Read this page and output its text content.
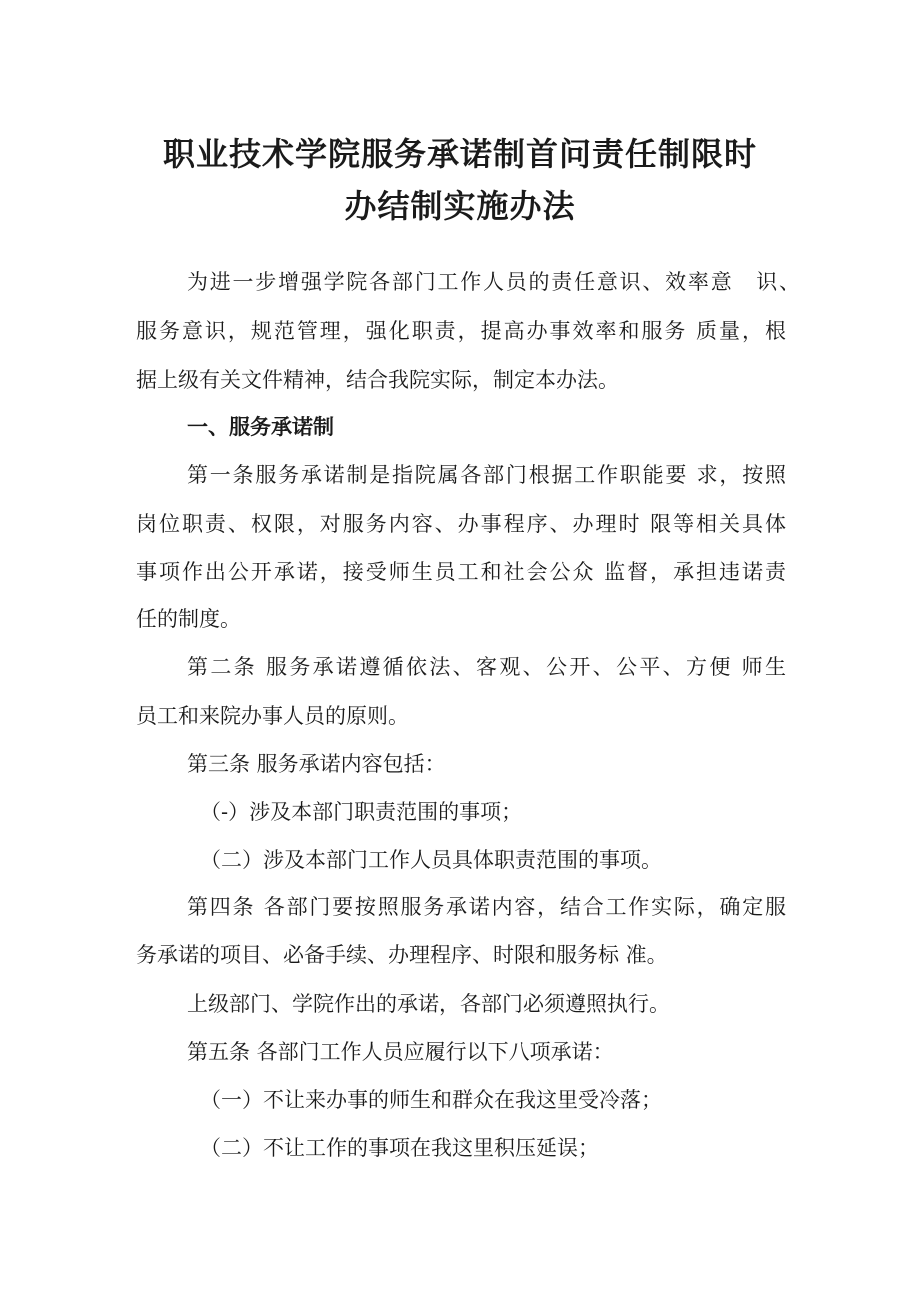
职业技术学院服务承诺制首问责任制限时
办结制实施办法

为进一步增强学院各部门工作人员的责任意识、效率意　识、

服务意识，规范管理，强化职责，提高办事效率和服务 质量，根

据上级有关文件精神，结合我院实际，制定本办法。

一、服务承诺制

第一条服务承诺制是指院属各部门根据工作职能要 求，按照

岗位职责、权限，对服务内容、办事程序、办理时 限等相关具体

事项作出公开承诺，接受师生员工和社会公众 监督，承担违诺责

任的制度。

第二条 服务承诺遵循依法、客观、公开、公平、方便 师生

员工和来院办事人员的原则。

第三条 服务承诺内容包括：

（-）涉及本部门职责范围的事项；

（二）涉及本部门工作人员具体职责范围的事项。

第四条 各部门要按照服务承诺内容，结合工作实际，确定服

务承诺的项目、必备手续、办理程序、时限和服务标 准。

上级部门、学院作出的承诺，各部门必须遵照执行。

第五条 各部门工作人员应履行以下八项承诺：

（一）不让来办事的师生和群众在我这里受冷落；

（二）不让工作的事项在我这里积压延误；
